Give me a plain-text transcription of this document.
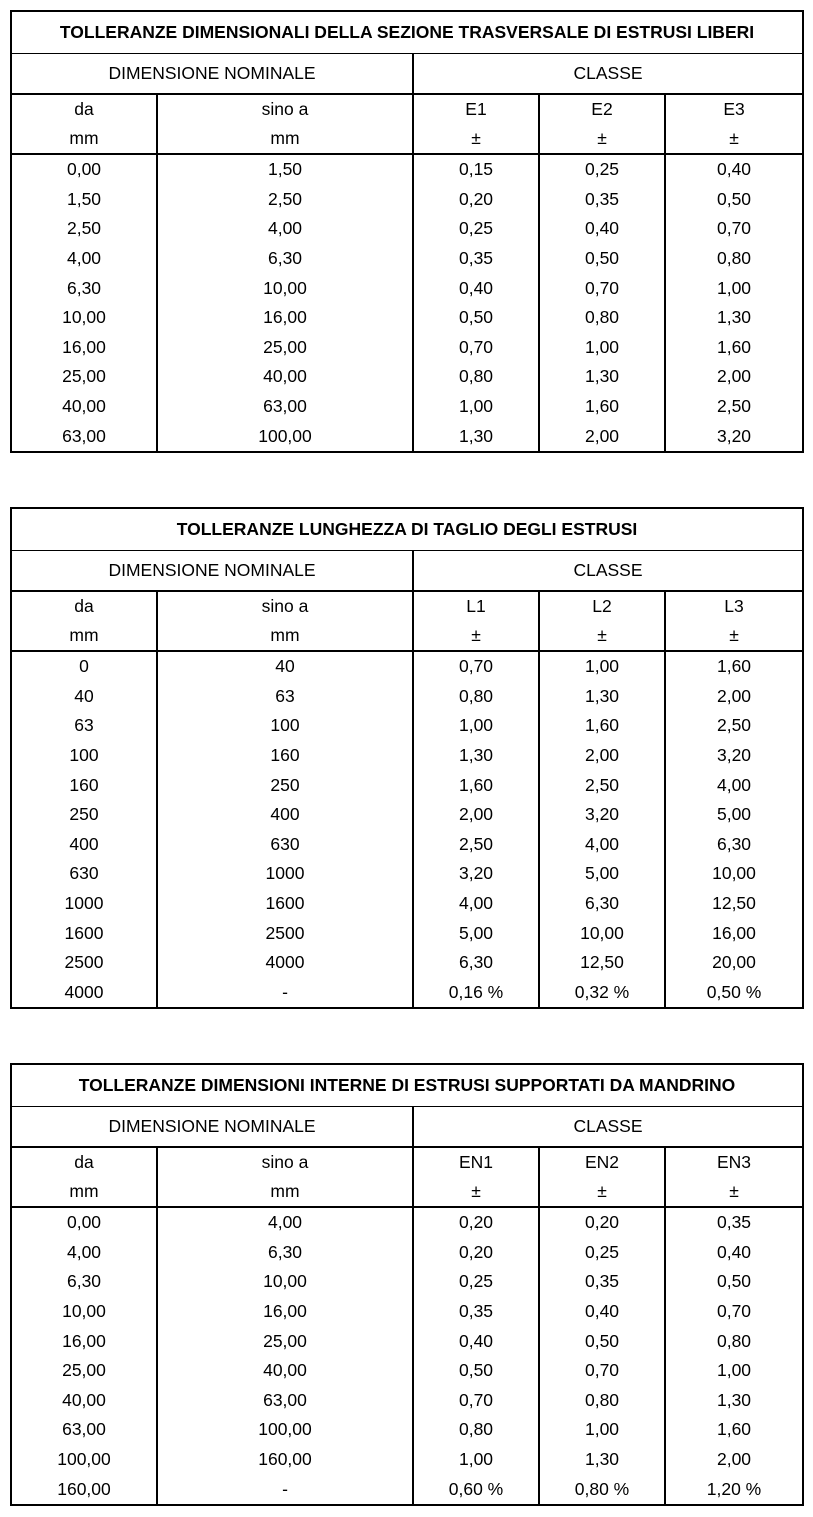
TOLLERANZE DIMENSIONALI DELLA SEZIONE TRASVERSALE DI ESTRUSI LIBERI				
DIMENSIONE NOMINALE		CLASSE		
da	sino a	E1	E2	E3
mm	mm	±	±	±
0,00	1,50	0,15	0,25	0,40
1,50	2,50	0,20	0,35	0,50
2,50	4,00	0,25	0,40	0,70
4,00	6,30	0,35	0,50	0,80
6,30	10,00	0,40	0,70	1,00
10,00	16,00	0,50	0,80	1,30
16,00	25,00	0,70	1,00	1,60
25,00	40,00	0,80	1,30	2,00
40,00	63,00	1,00	1,60	2,50
63,00	100,00	1,30	2,00	3,20
TOLLERANZE LUNGHEZZA DI TAGLIO DEGLI ESTRUSI				
DIMENSIONE NOMINALE		CLASSE		
da	sino a	L1	L2	L3
mm	mm	±	±	±
0	40	0,70	1,00	1,60
40	63	0,80	1,30	2,00
63	100	1,00	1,60	2,50
100	160	1,30	2,00	3,20
160	250	1,60	2,50	4,00
250	400	2,00	3,20	5,00
400	630	2,50	4,00	6,30
630	1000	3,20	5,00	10,00
1000	1600	4,00	6,30	12,50
1600	2500	5,00	10,00	16,00
2500	4000	6,30	12,50	20,00
4000	-	0,16 %	0,32 %	0,50 %
TOLLERANZE DIMENSIONI INTERNE DI ESTRUSI SUPPORTATI DA MANDRINO				
DIMENSIONE NOMINALE		CLASSE		
da	sino a	EN1	EN2	EN3
mm	mm	±	±	±
0,00	4,00	0,20	0,20	0,35
4,00	6,30	0,20	0,25	0,40
6,30	10,00	0,25	0,35	0,50
10,00	16,00	0,35	0,40	0,70
16,00	25,00	0,40	0,50	0,80
25,00	40,00	0,50	0,70	1,00
40,00	63,00	0,70	0,80	1,30
63,00	100,00	0,80	1,00	1,60
100,00	160,00	1,00	1,30	2,00
160,00	-	0,60 %	0,80 %	1,20 %
